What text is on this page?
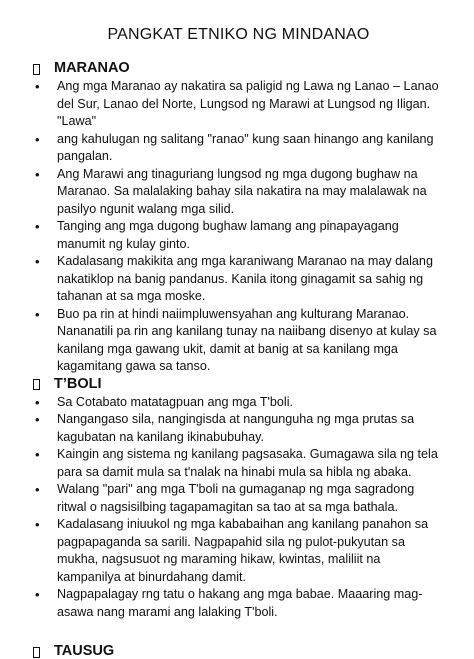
PANGKAT ETNIKO NG MINDANAO
MARANAO
• Ang mga Maranao ay nakatira sa paligid ng Lawa ng Lanao – Lanao del Sur, Lanao del Norte, Lungsod ng Marawi at Lungsod ng Iligan. "Lawa"
• ang kahulugan ng salitang "ranao" kung saan hinango ang kanilang pangalan.
• Ang Marawi ang tinaguriang lungsod ng mga dugong bughaw na Maranao. Sa malalaking bahay sila nakatira na may malalawak na pasilyo ngunit walang mga silid.
• Tanging ang mga dugong bughaw lamang ang pinapayagang manumit ng kulay ginto.
• Kadalasang makikita ang mga karaniwang Maranao na may dalang nakatiklop na banig pandanus. Kanila itong ginagamit sa sahig ng tahanan at sa mga moske.
• Buo pa rin at hindi naiimpluwensyahan ang kulturang Maranao. Nananatili pa rin ang kanilang tunay na naiibang disenyo at kulay sa kanilang mga gawang ukit, damit at banig at sa kanilang mga kagamitang gawa sa tanso.
T’BOLI
• Sa Cotabato matatagpuan ang mga T'boli.
• Nangangaso sila, nangingisda at nangunguha ng mga prutas sa kagubatan na kanilang ikinabubuhay.
• Kaingin ang sistema ng kanilang pagsasaka. Gumagawa sila ng tela para sa damit mula sa t'nalak na hinabi mula sa hibla ng abaka.
• Walang "pari" ang mga T'boli na gumaganap ng mga sagradong ritwal o nagsisilbing tagapamagitan sa tao at sa mga bathala.
• Kadalasang iniuukol ng mga kababaihan ang kanilang panahon sa pagpapaganda sa sarili. Nagpapahid sila ng pulot-pukyutan sa mukha, nagsusuot ng maraming hikaw, kwintas, maliliit na kampanilya at binurdahang damit.
• Nagpapalagay rng tatu o hakang ang mga babae. Maaaring mag-asawa nang marami ang lalaking T'boli.
TAUSUG
